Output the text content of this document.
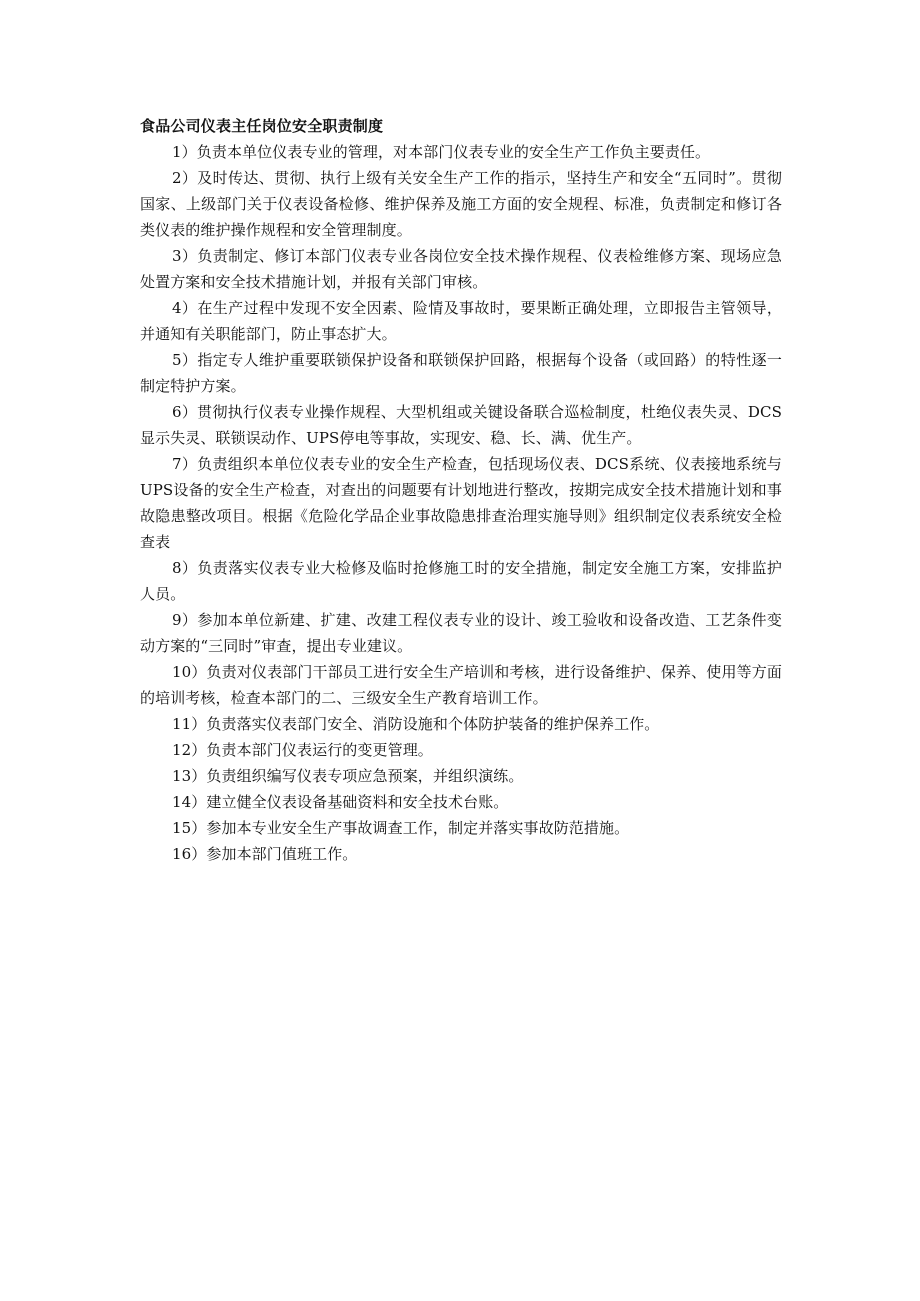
食品公司仪表主任岗位安全职责制度

1）负责本单位仪表专业的管理，对本部门仪表专业的安全生产工作负主要责任。

2）及时传达、贯彻、执行上级有关安全生产工作的指示，坚持生产和安全“五同时”。贯彻国家、上级部门关于仪表设备检修、维护保养及施工方面的安全规程、标准，负责制定和修订各类仪表的维护操作规程和安全管理制度。

3）负责制定、修订本部门仪表专业各岗位安全技术操作规程、仪表检维修方案、现场应急处置方案和安全技术措施计划，并报有关部门审核。

4）在生产过程中发现不安全因素、险情及事故时，要果断正确处理，立即报告主管领导，并通知有关职能部门，防止事态扩大。

5）指定专人维护重要联锁保护设备和联锁保护回路，根据每个设备（或回路）的特性逐一制定特护方案。

6）贯彻执行仪表专业操作规程、大型机组或关键设备联合巡检制度，杜绝仪表失灵、DCS显示失灵、联锁误动作、UPS停电等事故，实现安、稳、长、满、优生产。

7）负责组织本单位仪表专业的安全生产检查，包括现场仪表、DCS系统、仪表接地系统与UPS设备的安全生产检查，对查出的问题要有计划地进行整改，按期完成安全技术措施计划和事故隐患整改项目。根据《危险化学品企业事故隐患排查治理实施导则》组织制定仪表系统安全检查表

8）负责落实仪表专业大检修及临时抢修施工时的安全措施，制定安全施工方案，安排监护人员。

9）参加本单位新建、扩建、改建工程仪表专业的设计、竣工验收和设备改造、工艺条件变动方案的“三同时”审查，提出专业建议。

10）负责对仪表部门干部员工进行安全生产培训和考核，进行设备维护、保养、使用等方面的培训考核，检查本部门的二、三级安全生产教育培训工作。

11）负责落实仪表部门安全、消防设施和个体防护装备的维护保养工作。

12）负责本部门仪表运行的变更管理。

13）负责组织编写仪表专项应急预案，并组织演练。

14）建立健全仪表设备基础资料和安全技术台账。

15）参加本专业安全生产事故调查工作，制定并落实事故防范措施。

16）参加本部门值班工作。
